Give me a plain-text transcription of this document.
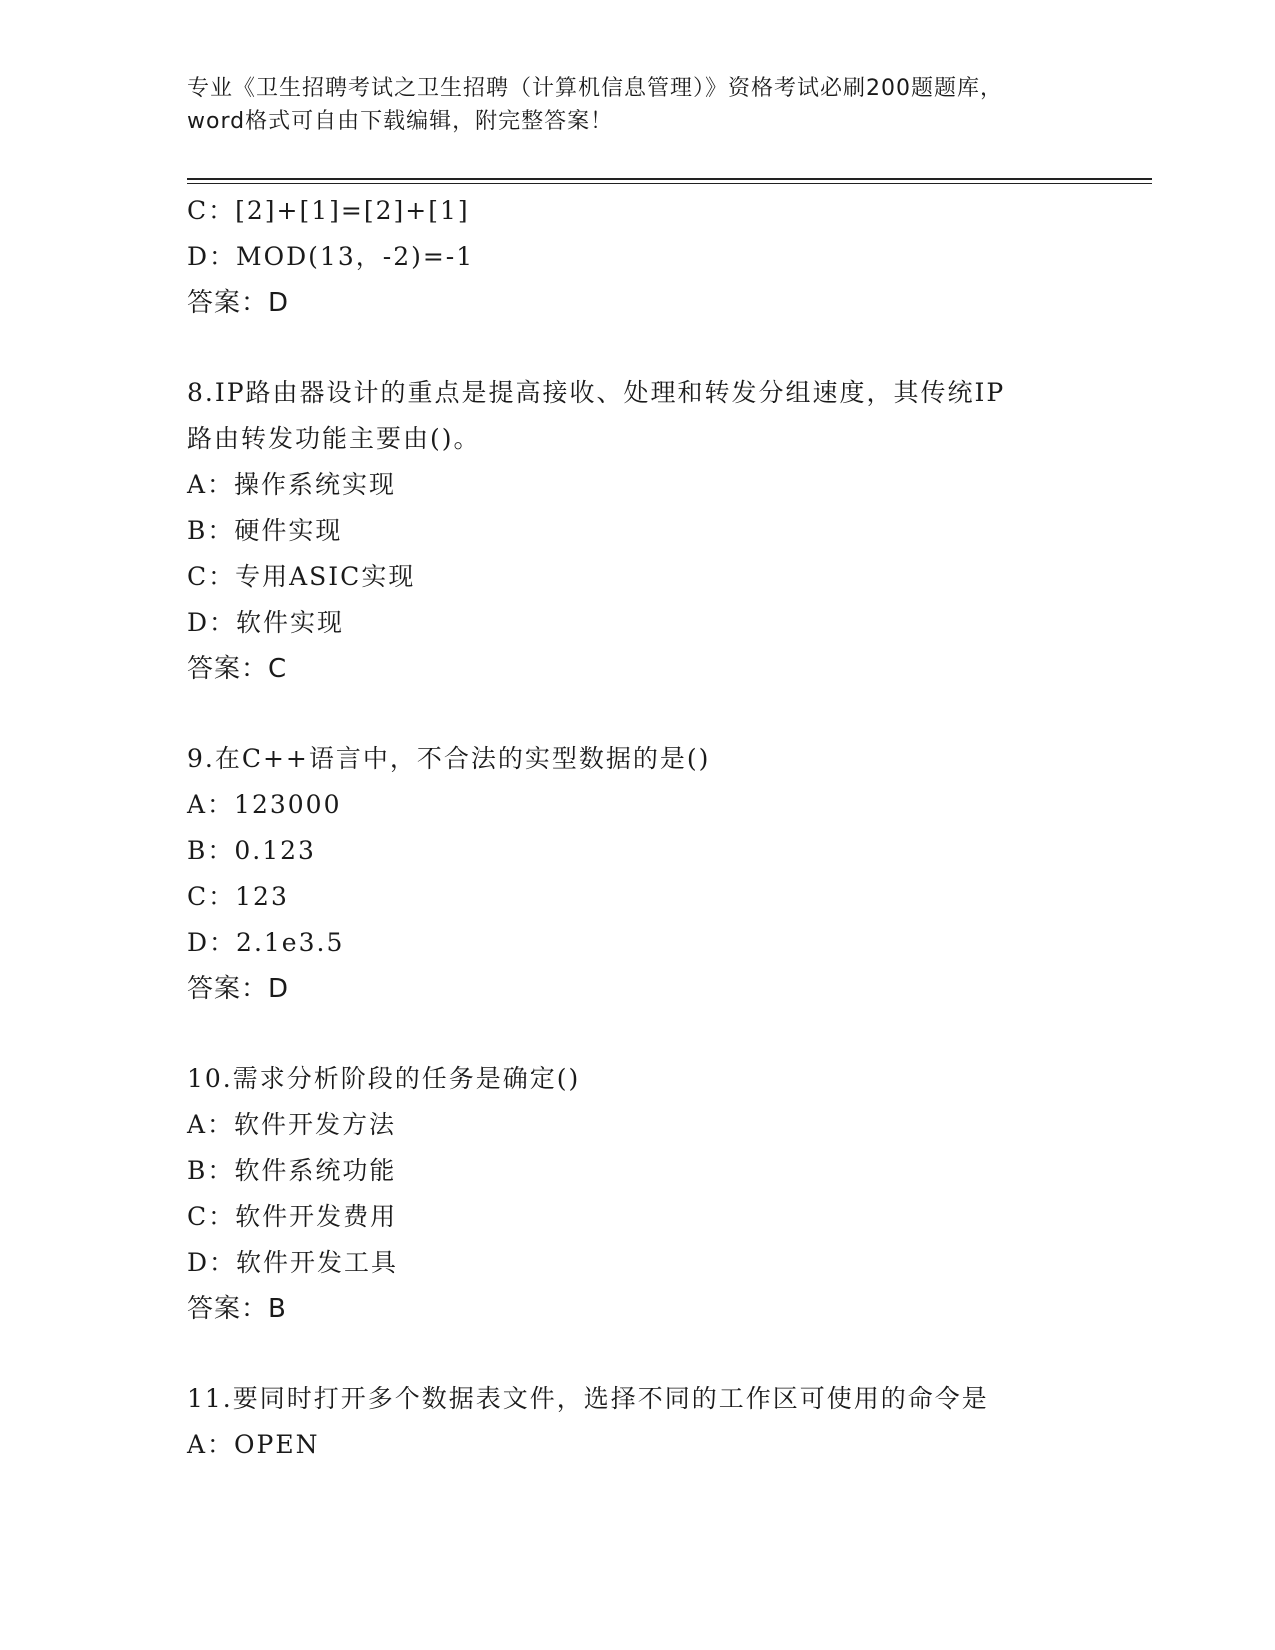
专业《卫生招聘考试之卫生招聘（计算机信息管理）》资格考试必刷200题题库，
word格式可自由下载编辑，附完整答案！
C：[2]+[1]=[2]+[1]
D：MOD(13，-2)=-1
答案：D
8.IP路由器设计的重点是提高接收、处理和转发分组速度，其传统IP
路由转发功能主要由()。
A：操作系统实现
B：硬件实现
C：专用ASIC实现
D：软件实现
答案：C
9.在C++语言中，不合法的实型数据的是()
A：123000
B：0.123
C：123
D：2.1e3.5
答案：D
10.需求分析阶段的任务是确定()
A：软件开发方法
B：软件系统功能
C：软件开发费用
D：软件开发工具
答案：B
11.要同时打开多个数据表文件，选择不同的工作区可使用的命令是
A：OPEN
